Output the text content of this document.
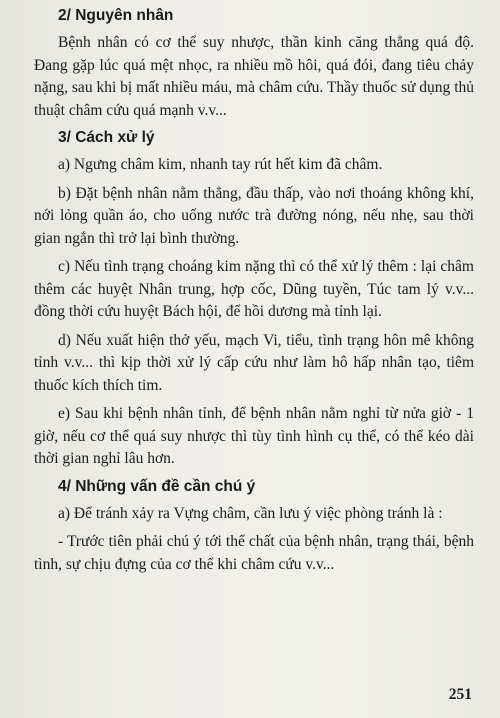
2/ Nguyên nhân

Bệnh nhân có cơ thể suy nhược, thần kinh căng thẳng quá độ. Đang gặp lúc quá mệt nhọc, ra nhiều mồ hôi, quá đói, đang tiêu chảy nặng, sau khi bị mất nhiều máu, mà châm cứu. Thầy thuốc sử dụng thủ thuật châm cứu quá mạnh v.v...

3/ Cách xử lý

a) Ngưng châm kim, nhanh tay rút hết kim đã châm.

b) Đặt bệnh nhân nằm thẳng, đầu thấp, vào nơi thoáng không khí, nới lỏng quần áo, cho uống nước trà đường nóng, nếu nhẹ, sau thời gian ngắn thì trở lại bình thường.

c) Nếu tình trạng choáng kim nặng thì có thể xử lý thêm : lại châm thêm các huyệt Nhân trung, hợp cốc, Dũng tuyền, Túc tam lý v.v... đồng thời cứu huyệt Bách hội, để hồi dương mà tỉnh lại.

d) Nếu xuất hiện thở yếu, mạch Vi, tiểu, tình trạng hôn mê không tỉnh v.v... thì kịp thời xử lý cấp cứu như làm hô hấp nhân tạo, tiêm thuốc kích thích tim.

e) Sau khi bệnh nhân tỉnh, để bệnh nhân nằm nghỉ từ nửa giờ - 1 giờ, nếu cơ thể quá suy nhược thì tùy tình hình cụ thể, có thể kéo dài thời gian nghỉ lâu hơn.

4/ Những vấn đề cần chú ý

a) Để tránh xảy ra Vựng châm, cần lưu ý việc phòng tránh là :

- Trước tiên phải chú ý tới thể chất của bệnh nhân, trạng thái, bệnh tình, sự chịu đựng của cơ thể khi châm cứu v.v...

251
